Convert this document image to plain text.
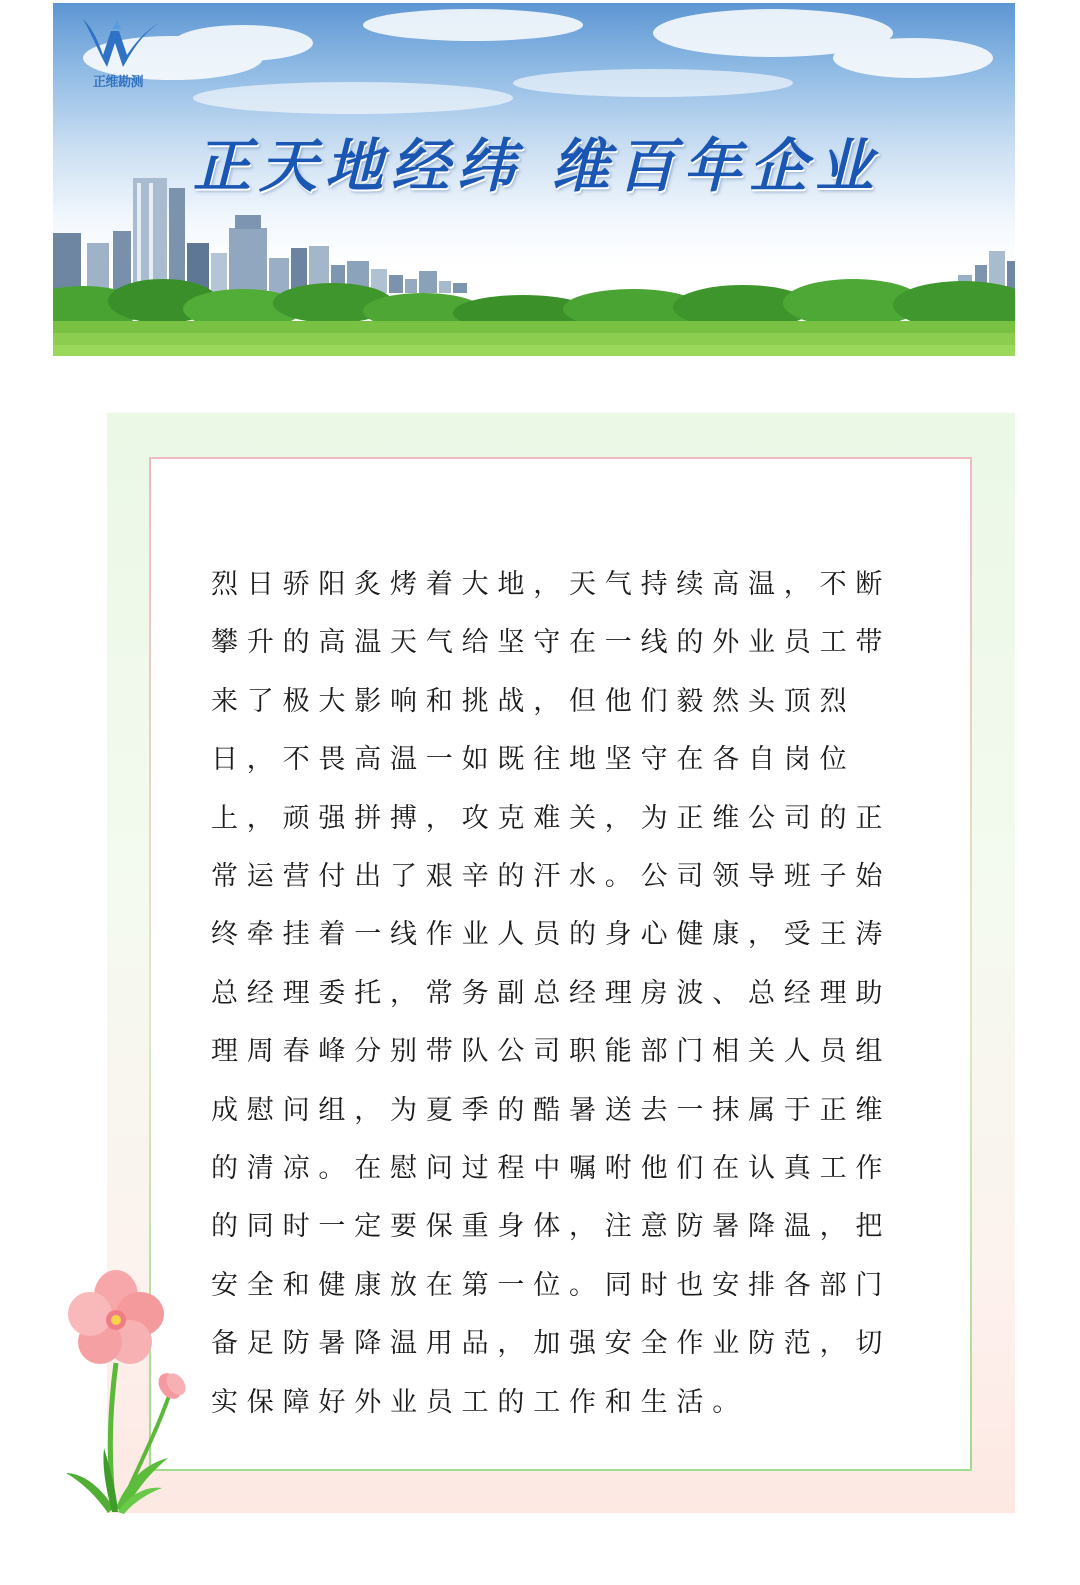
正维勘测
正天地经纬 维百年企业

烈日骄阳炙烤着大地，天气持续高温，不断攀升的高温天气给坚守在一线的外业员工带来了极大影响和挑战，但他们毅然头顶烈日，不畏高温一如既往地坚守在各自岗位上，顽强拼搏，攻克难关，为正维公司的正常运营付出了艰辛的汗水。公司领导班子始终牵挂着一线作业人员的身心健康，受王涛总经理委托，常务副总经理房波、总经理助理周春峰分别带队公司职能部门相关人员组成慰问组，为夏季的酷暑送去一抹属于正维的清凉。在慰问过程中嘱咐他们在认真工作的同时一定要保重身体，注意防暑降温，把安全和健康放在第一位。同时也安排各部门备足防暑降温用品，加强安全作业防范，切实保障好外业员工的工作和生活。
